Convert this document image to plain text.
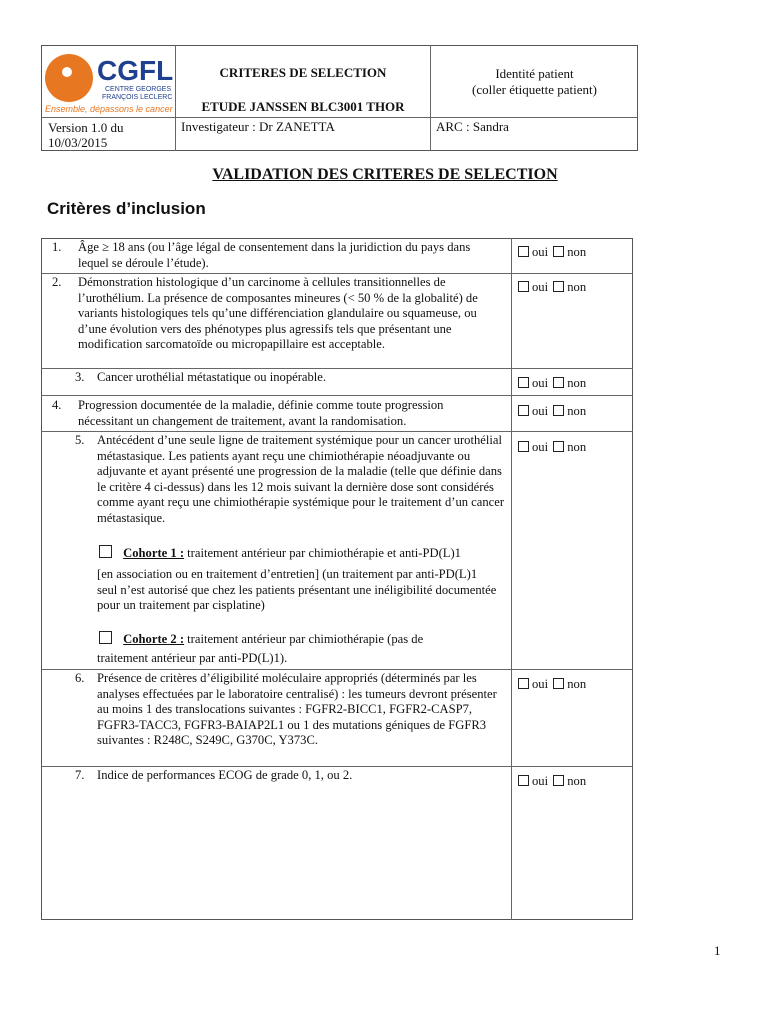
CGFL
CENTRE GEORGES
FRANÇOIS LECLERC
Ensemble, dépassons le cancer
Version 1.0 du 10/03/2015
CRITERES DE SELECTION
ETUDE JANSSEN BLC3001 THOR
Investigateur : Dr ZANETTA
Identité patient
(coller étiquette patient)
ARC : Sandra
VALIDATION DES CRITERES DE SELECTION
Critères d’inclusion
1. Âge ≥ 18 ans (ou l’âge légal de consentement dans la juridiction du pays dans lequel se déroule l’étude).
oui non
2. Démonstration histologique d’un carcinome à cellules transitionnelles de l’urothélium. La présence de composantes mineures (< 50 % de la globalité) de variants histologiques tels qu’une différenciation glandulaire ou squameuse, ou d’une évolution vers des phénotypes plus agressifs tels que présentant une modification sarcomatoïde ou micropapillaire est acceptable.
oui non
3. Cancer urothélial métastatique ou inopérable.	oui non
4. Progression documentée de la maladie, définie comme toute progression nécessitant un changement de traitement, avant la randomisation.
oui non
5. Antécédent d’une seule ligne de traitement systémique pour un cancer urothélial métastasique. Les patients ayant reçu une chimiothérapie néoadjuvante ou adjuvante et ayant présenté une progression de la maladie (telle que définie dans le critère 4 ci-dessus) dans les 12 mois suivant la dernière dose sont considérés comme ayant reçu une chimiothérapie systémique pour le traitement d’un cancer métastasique.
Cohorte 1 : traitement antérieur par chimiothérapie et anti-PD(L)1
[en association ou en traitement d’entretien] (un traitement par anti-PD(L)1 seul n’est autorisé que chez les patients présentant une inéligibilité documentée pour un traitement par cisplatine)
Cohorte 2 : traitement antérieur par chimiothérapie (pas de
traitement antérieur par anti-PD(L)1).
oui non
6. Présence de critères d’éligibilité moléculaire appropriés (déterminés par les analyses effectuées par le laboratoire centralisé) : les tumeurs devront présenter au moins 1 des translocations suivantes : FGFR2-BICC1, FGFR2-CASP7, FGFR3-TACC3, FGFR3-BAIAP2L1 ou 1 des mutations géniques de FGFR3 suivantes : R248C, S249C, G370C, Y373C.
oui non
7. Indice de performances ECOG de grade 0, 1, ou 2.	oui non
1
